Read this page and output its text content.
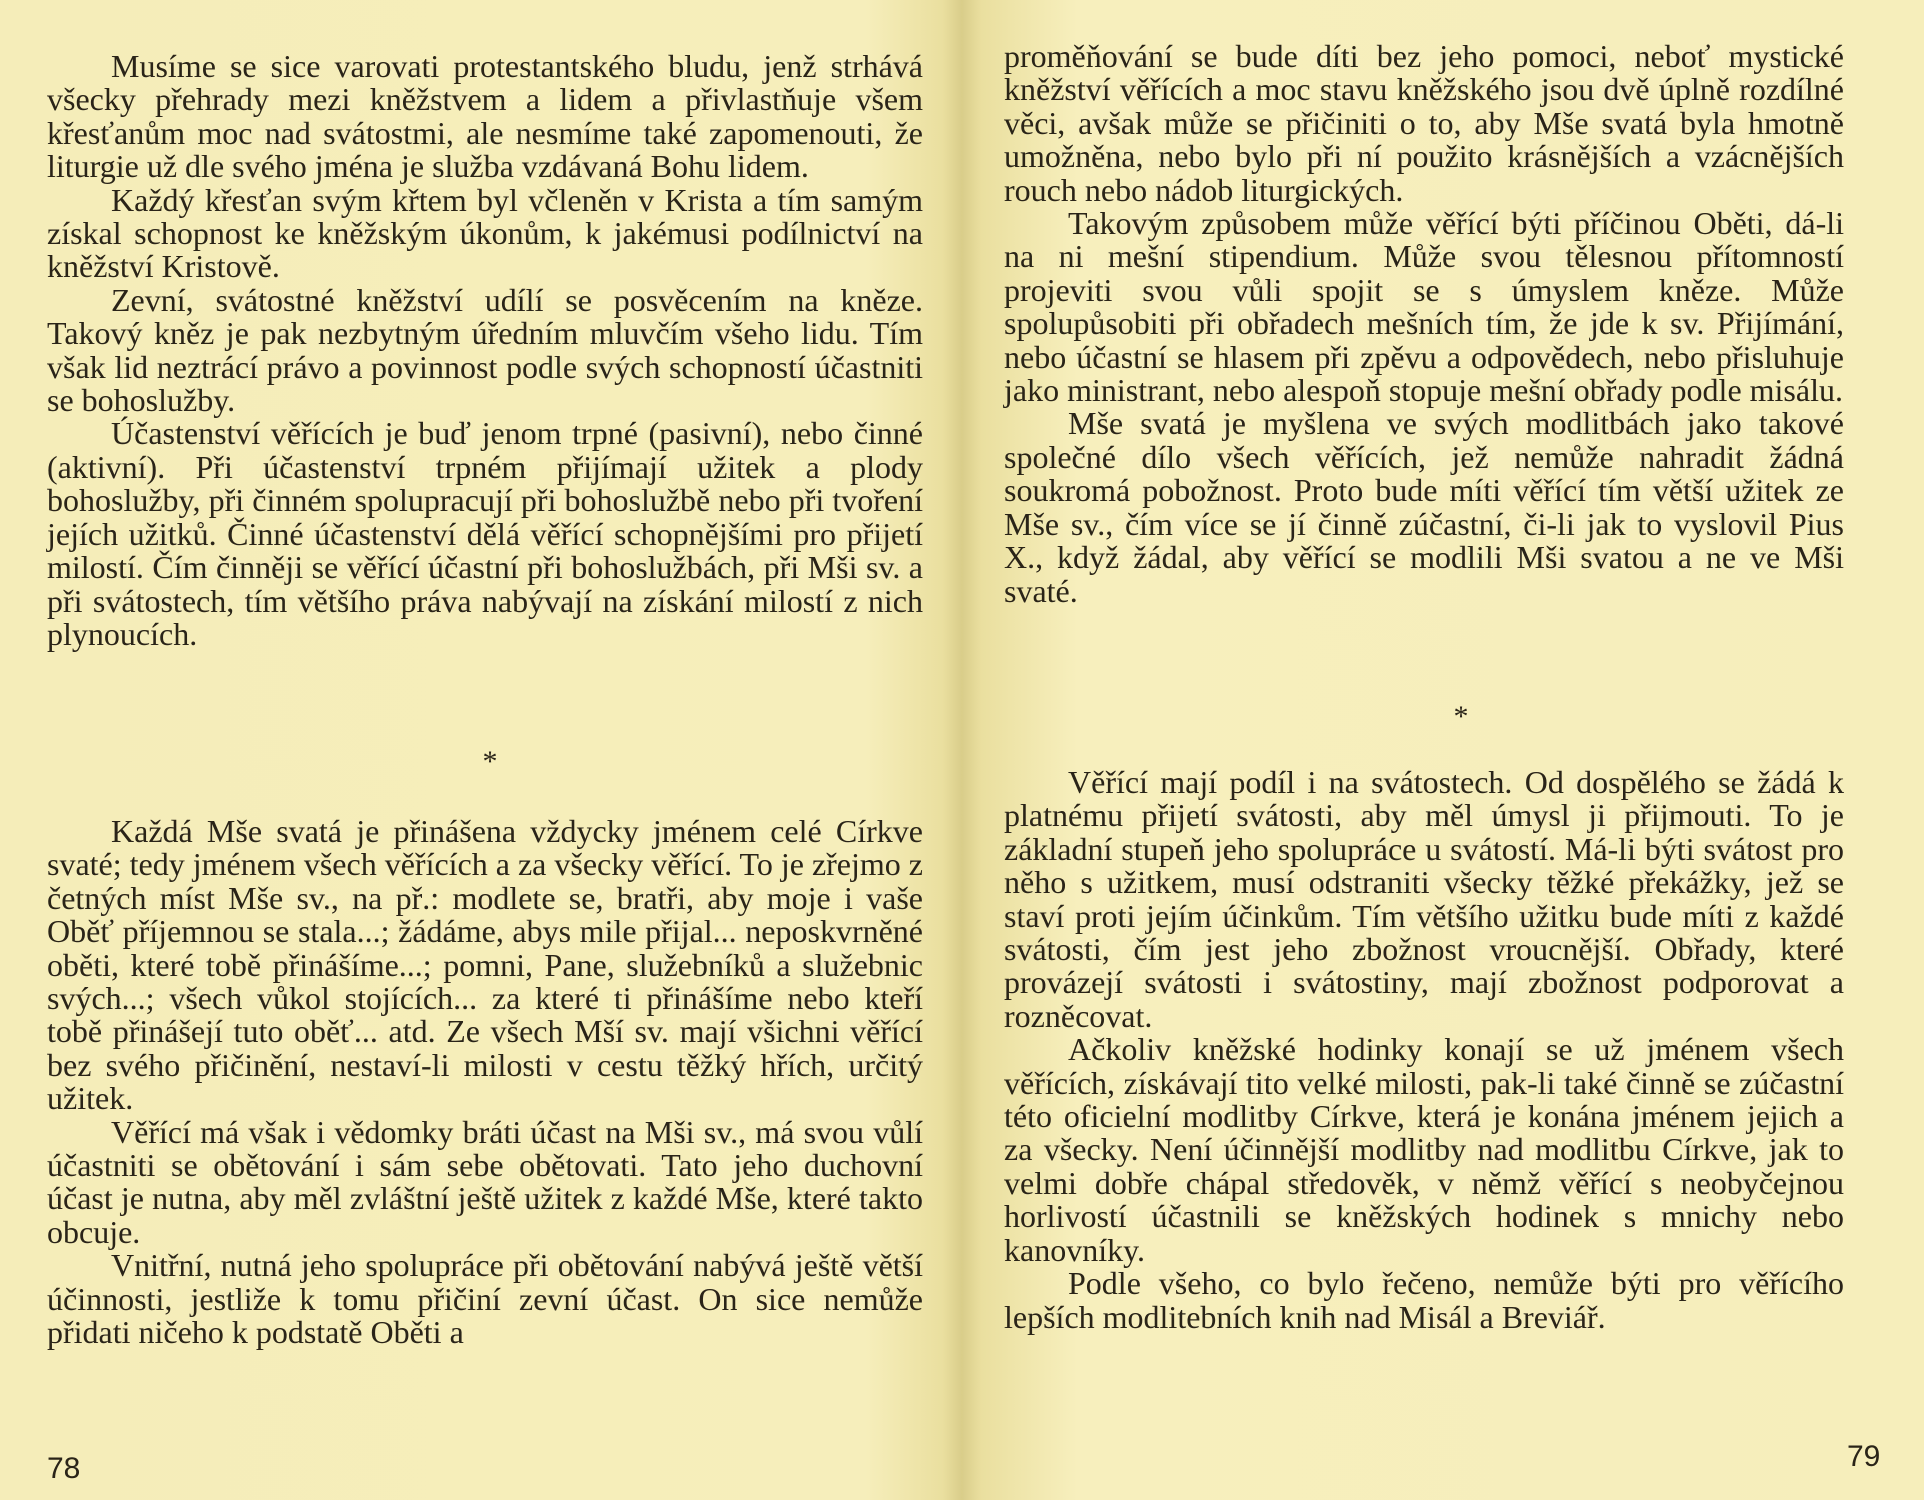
Musíme se sice varovati protestantského bludu, jenž strhává všecky přehrady mezi kněžstvem a lidem a přivlastňuje všem křesťanům moc nad svátostmi, ale nesmíme také zapomenouti, že liturgie už dle svého jména je služba vzdávaná Bohu lidem.

Každý křesťan svým křtem byl včleněn v Krista a tím samým získal schopnost ke kněžským úkonům, k jakémusi podílnictví na kněžství Kristově.

Zevní, svátostné kněžství udílí se posvěcením na kněze. Takový kněz je pak nezbytným úředním mluvčím všeho lidu. Tím však lid neztrácí právo a povinnost podle svých schopností účastniti se bohoslužby.

Účastenství věřících je buď jenom trpné (pasivní), nebo činné (aktivní). Při účastenství trpném přijímají užitek a plody bohoslužby, při činném spolupracují při bohoslužbě nebo při tvoření jejích užitků. Činné účastenství dělá věřící schopnějšími pro přijetí milostí. Čím činněji se věřící účastní při bohoslužbách, při Mši sv. a při svátostech, tím většího práva nabývají na získání milostí z nich plynoucích.

*

Každá Mše svatá je přinášena vždycky jménem celé Církve svaté; tedy jménem všech věřících a za všecky věřící. To je zřejmo z četných míst Mše sv., na př.: modlete se, bratři, aby moje i vaše Oběť příjemnou se stala...; žádáme, abys mile přijal... neposkvrněné oběti, které tobě přinášíme...; pomni, Pane, služebníků a služebnic svých...; všech vůkol stojících... za které ti přinášíme nebo kteří tobě přinášejí tuto oběť... atd. Ze všech Mší sv. mají všichni věřící bez svého přičinění, nestaví-li milosti v cestu těžký hřích, určitý užitek.

Věřící má však i vědomky bráti účast na Mši sv., má svou vůlí účastniti se obětování i sám sebe obětovati. Tato jeho duchovní účast je nutna, aby měl zvláštní ještě užitek z každé Mše, které takto obcuje.

Vnitřní, nutná jeho spolupráce při obětování nabývá ještě větší účinnosti, jestliže k tomu přičiní zevní účast. On sice nemůže přidati ničeho k podstatě Oběti a

78

proměňování se bude díti bez jeho pomoci, neboť mystické kněžství věřících a moc stavu kněžského jsou dvě úplně rozdílné věci, avšak může se přičiniti o to, aby Mše svatá byla hmotně umožněna, nebo bylo při ní použito krásnějších a vzácnějších rouch nebo nádob liturgických.

Takovým způsobem může věřící býti příčinou Oběti, dá-li na ni mešní stipendium. Může svou tělesnou přítomností projeviti svou vůli spojit se s úmyslem kněze. Může spolupůsobiti při obřadech mešních tím, že jde k sv. Přijímání, nebo účastní se hlasem při zpěvu a odpovědech, nebo přisluhuje jako ministrant, nebo alespoň stopuje mešní obřady podle misálu.

Mše svatá je myšlena ve svých modlitbách jako takové společné dílo všech věřících, jež nemůže nahradit žádná soukromá pobožnost. Proto bude míti věřící tím větší užitek ze Mše sv., čím více se jí činně zúčastní, či-li jak to vyslovil Pius X., když žádal, aby věřící se modlili Mši svatou a ne ve Mši svaté.

*

Věřící mají podíl i na svátostech. Od dospělého se žádá k platnému přijetí svátosti, aby měl úmysl ji přijmouti. To je základní stupeň jeho spolupráce u svátostí. Má-li býti svátost pro něho s užitkem, musí odstraniti všecky těžké překážky, jež se staví proti jejím účinkům. Tím většího užitku bude míti z každé svátosti, čím jest jeho zbožnost vroucnější. Obřady, které provázejí svátosti i svátostiny, mají zbožnost podporovat a rozněcovat.

Ačkoliv kněžské hodinky konají se už jménem všech věřících, získávají tito velké milosti, pak-li také činně se zúčastní této oficielní modlitby Církve, která je konána jménem jejich a za všecky. Není účinnější modlitby nad modlitbu Církve, jak to velmi dobře chápal středověk, v němž věřící s neobyčejnou horlivostí účastnili se kněžských hodinek s mnichy nebo kanovníky.

Podle všeho, co bylo řečeno, nemůže býti pro věřícího lepších modlitebních knih nad Misál a Breviář.

79
